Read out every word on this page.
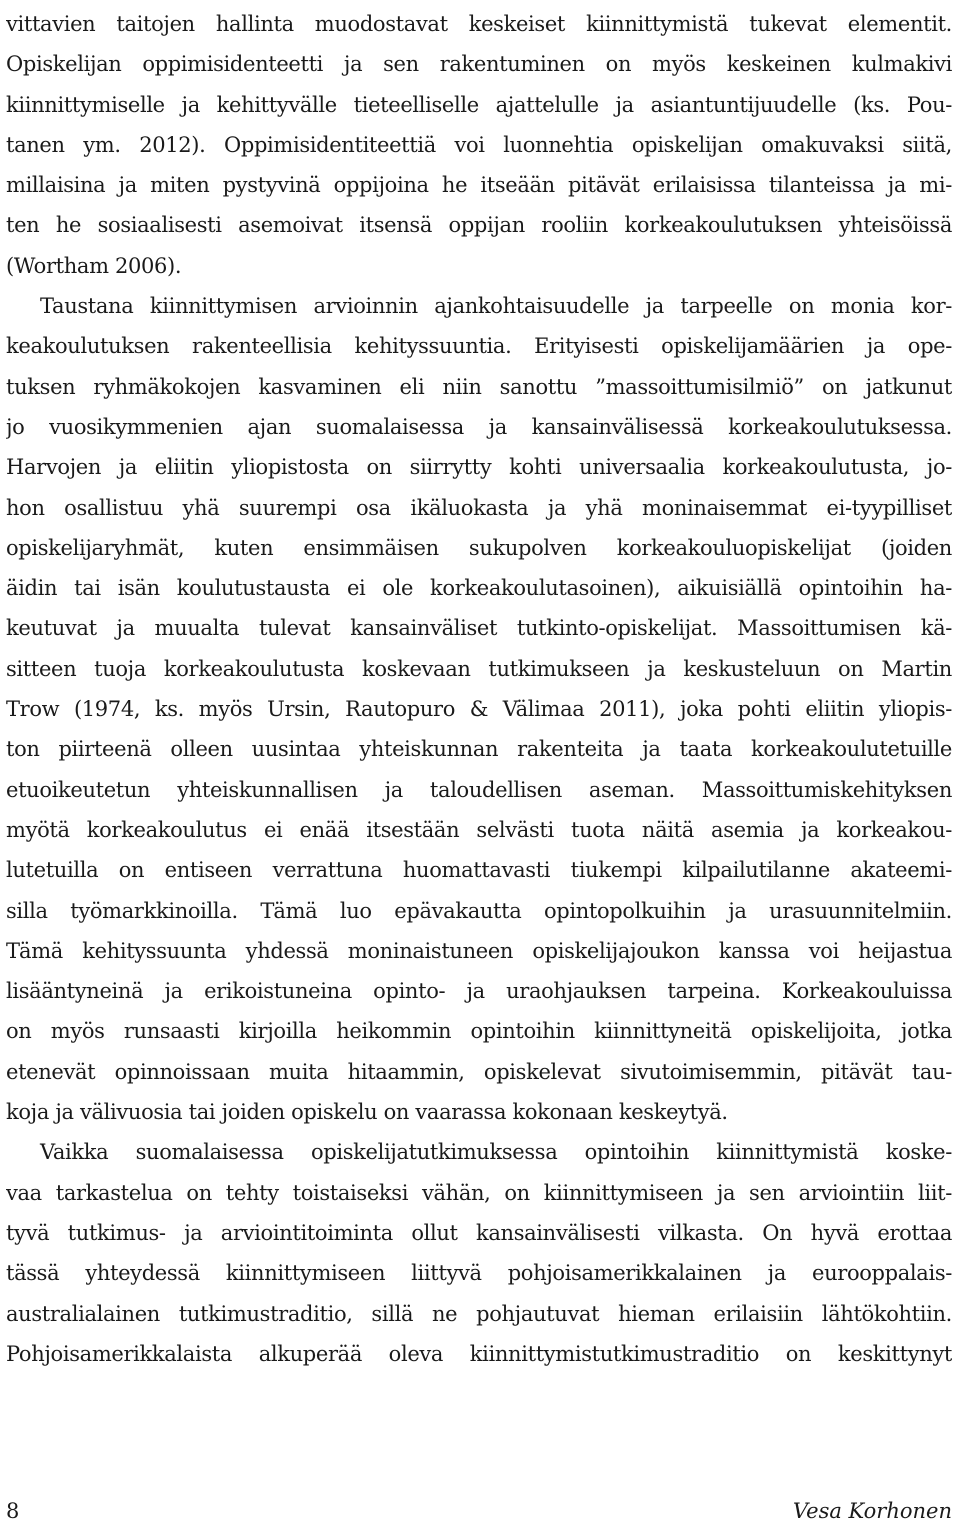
vittavien taitojen hallinta muodostavat keskeiset kiinnittymistä tukevat elementit.
Opiskelijan oppimisidenteetti ja sen rakentuminen on myös keskeinen kulmakivi
kiinnittymiselle ja kehittyvälle tieteelliselle ajattelulle ja asiantuntijuudelle (ks. Pou-
tanen ym. 2012). Oppimisidentiteettiä voi luonnehtia opiskelijan omakuvaksi siitä,
millaisina ja miten pystyvinä oppijoina he itseään pitävät erilaisissa tilanteissa ja mi-
ten he sosiaalisesti asemoivat itsensä oppijan rooliin korkeakoulutuksen yhteisöissä
(Wortham 2006).
Taustana kiinnittymisen arvioinnin ajankohtaisuudelle ja tarpeelle on monia kor-
keakoulutuksen rakenteellisia kehityssuuntia. Erityisesti opiskelijamäärien ja ope-
tuksen ryhmäkokojen kasvaminen eli niin sanottu ”massoittumisilmiö” on jatkunut
jo vuosikymmenien ajan suomalaisessa ja kansainvälisessä korkeakoulutuksessa.
Harvojen ja eliitin yliopistosta on siirrytty kohti universaalia korkeakoulutusta, jo-
hon osallistuu yhä suurempi osa ikäluokasta ja yhä moninaisemmat ei-tyypilliset
opiskelijaryhmät, kuten ensimmäisen sukupolven korkeakouluopiskelijat (joiden
äidin tai isän koulutustausta ei ole korkeakoulutasoinen), aikuisiällä opintoihin ha-
keutuvat ja muualta tulevat kansainväliset tutkinto-opiskelijat. Massoittumisen kä-
sitteen tuoja korkeakoulutusta koskevaan tutkimukseen ja keskusteluun on Martin
Trow (1974, ks. myös Ursin, Rautopuro & Välimaa 2011), joka pohti eliitin yliopis-
ton piirteenä olleen uusintaa yhteiskunnan rakenteita ja taata korkeakoulutetuille
etuoikeutetun yhteiskunnallisen ja taloudellisen aseman. Massoittumiskehityksen
myötä korkeakoulutus ei enää itsestään selvästi tuota näitä asemia ja korkeakou-
lutetuilla on entiseen verrattuna huomattavasti tiukempi kilpailutilanne akateemi-
silla työmarkkinoilla. Tämä luo epävakautta opintopolkuihin ja urasuunnitelmiin.
Tämä kehityssuunta yhdessä moninaistuneen opiskelijajoukon kanssa voi heijastua
lisääntyneinä ja erikoistuneina opinto- ja uraohjauksen tarpeina. Korkeakouluissa
on myös runsaasti kirjoilla heikommin opintoihin kiinnittyneitä opiskelijoita, jotka
etenevät opinnoissaan muita hitaammin, opiskelevat sivutoimisemmin, pitävät tau-
koja ja välivuosia tai joiden opiskelu on vaarassa kokonaan keskeytyä.
Vaikka suomalaisessa opiskelijatutkimuksessa opintoihin kiinnittymistä koske-
vaa tarkastelua on tehty toistaiseksi vähän, on kiinnittymiseen ja sen arviointiin liit-
tyvä tutkimus- ja arviointitoiminta ollut kansainvälisesti vilkasta. On hyvä erottaa
tässä yhteydessä kiinnittymiseen liittyvä pohjoisamerikkalainen ja eurooppalais-
australialainen tutkimustraditio, sillä ne pohjautuvat hieman erilaisiin lähtökohtiin.
Pohjoisamerikkalaista alkuperää oleva kiinnittymistutkimustraditio on keskittynyt
8	Vesa Korhonen
